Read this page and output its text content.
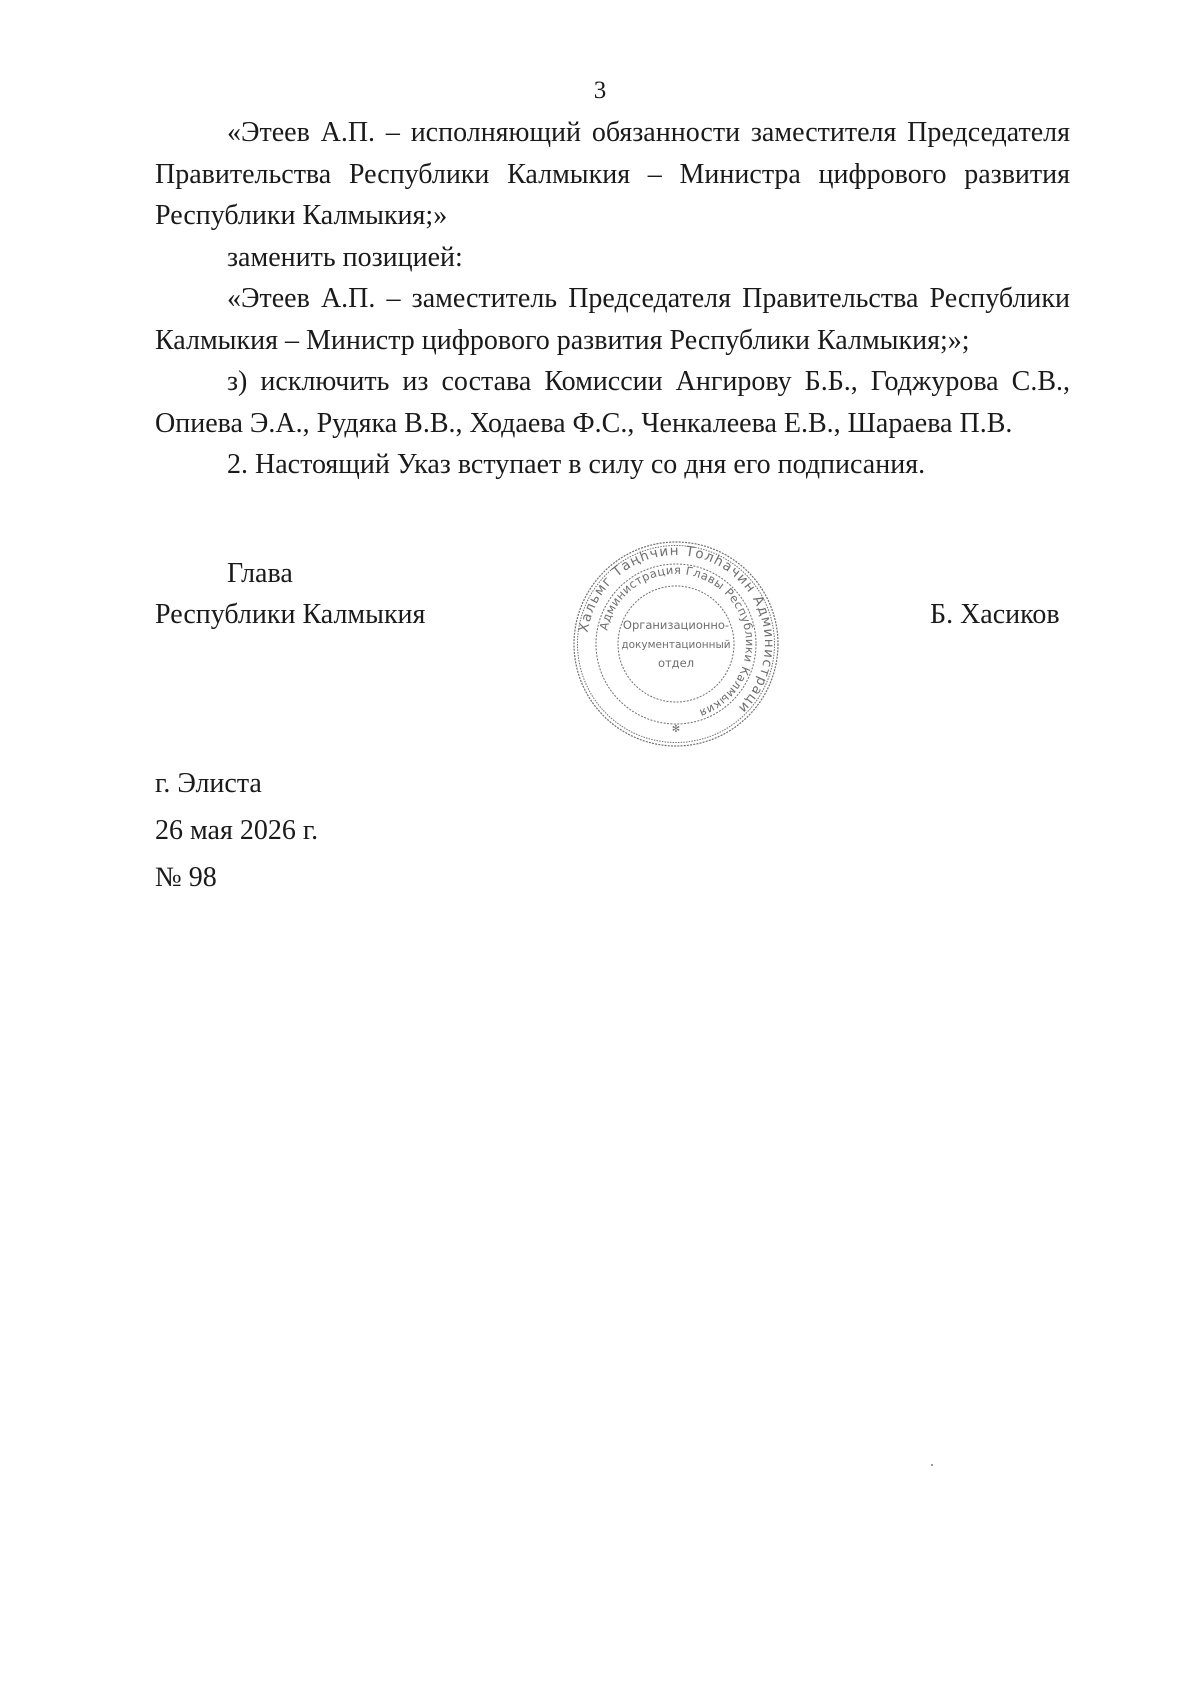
3

«Этеев А.П. – исполняющий обязанности заместителя Председателя Правительства Республики Калмыкия – Министра цифрового развития Республики Калмыкия;»

заменить позицией:

«Этеев А.П. – заместитель Председателя Правительства Республики Калмыкия – Министр цифрового развития Республики Калмыкия;»;

з) исключить из состава Комиссии Ангирову Б.Б., Годжурова С.В., Опиева Э.А., Рудяка В.В., Ходаева Ф.С., Ченкалеева Е.В., Шараева П.В.

2. Настоящий Указ вступает в силу со дня его подписания.

Глава
Республики Калмыкия	Хальмг Таңһчин Толһачин Администраци
Администрация Главы Республики Калмыкия
Организационно-
документационный
отдел
✻
Б. Хасиков
г. Элиста
26 мая 2026 г.
№ 98
